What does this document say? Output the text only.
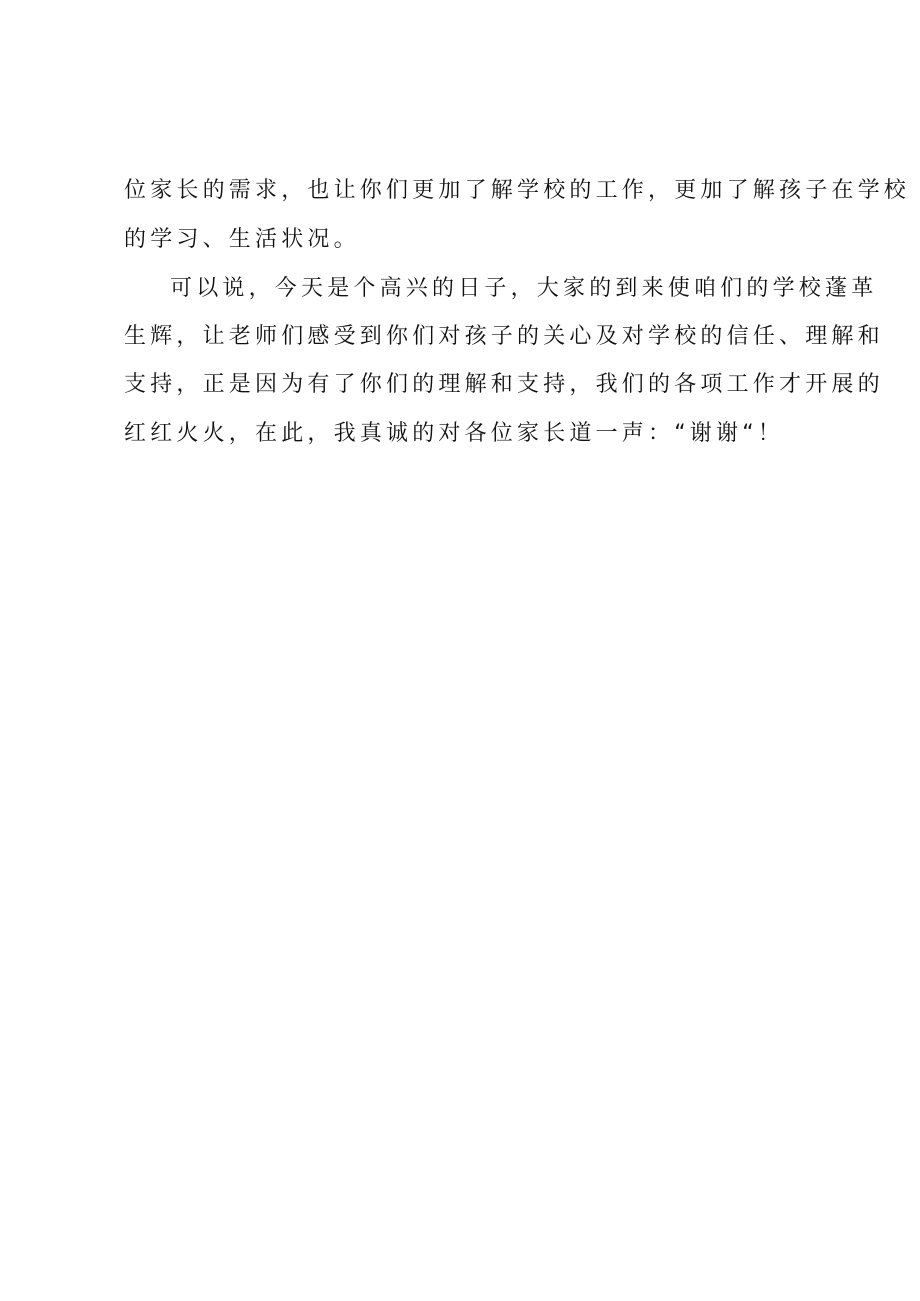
位家长的需求，也让你们更加了解学校的工作，更加了解孩子在学校
的学习、生活状况。
可以说，今天是个高兴的日子，大家的到来使咱们的学校蓬革
生辉，让老师们感受到你们对孩子的关心及对学校的信任、理解和
支持，正是因为有了你们的理解和支持，我们的各项工作才开展的
红红火火，在此，我真诚的对各位家长道一声：“谢谢“！
